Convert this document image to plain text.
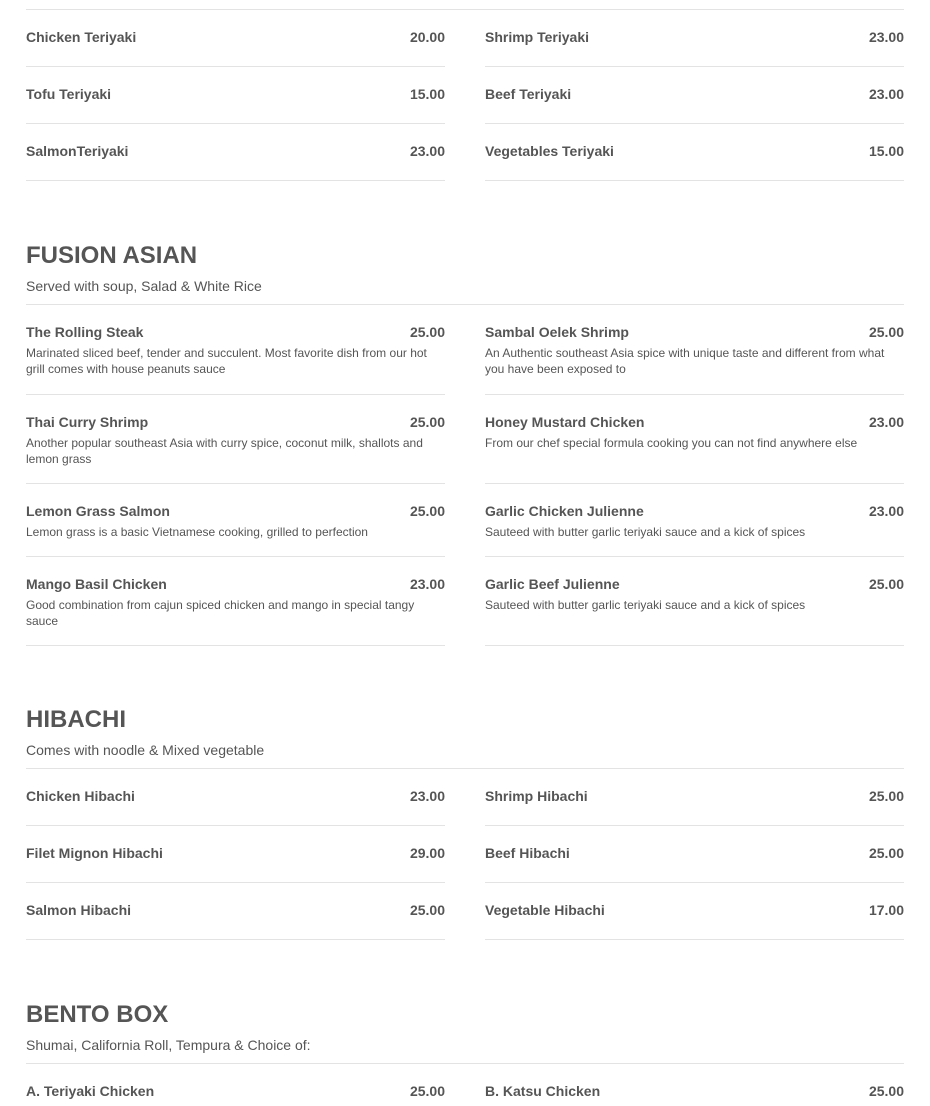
Chicken Teriyaki	20.00
Tofu Teriyaki	15.00
SalmonTeriyaki	23.00
Shrimp Teriyaki	23.00
Beef Teriyaki	23.00
Vegetables Teriyaki	15.00
FUSION ASIAN
Served with soup, Salad & White Rice
The Rolling Steak	25.00
Marinated sliced beef, tender and succulent. Most favorite dish from our hot grill comes with house peanuts sauce
Thai Curry Shrimp	25.00
Another popular southeast Asia with curry spice, coconut milk, shallots and lemon grass
Lemon Grass Salmon	25.00
Lemon grass is a basic Vietnamese cooking, grilled to perfection
Mango Basil Chicken	23.00
Good combination from cajun spiced chicken and mango in special tangy sauce
Sambal Oelek Shrimp	25.00
An Authentic southeast Asia spice with unique taste and different from what you have been exposed to
Honey Mustard Chicken	23.00
From our chef special formula cooking you can not find anywhere else
Garlic Chicken Julienne	23.00
Sauteed with butter garlic teriyaki sauce and a kick of spices
Garlic Beef Julienne	25.00
Sauteed with butter garlic teriyaki sauce and a kick of spices
HIBACHI
Comes with noodle & Mixed vegetable
Chicken Hibachi	23.00
Filet Mignon Hibachi	29.00
Salmon Hibachi	25.00
Shrimp Hibachi	25.00
Beef Hibachi	25.00
Vegetable Hibachi	17.00
BENTO BOX
Shumai, California Roll, Tempura & Choice of:
A. Teriyaki Chicken	25.00	B. Katsu Chicken	25.00
